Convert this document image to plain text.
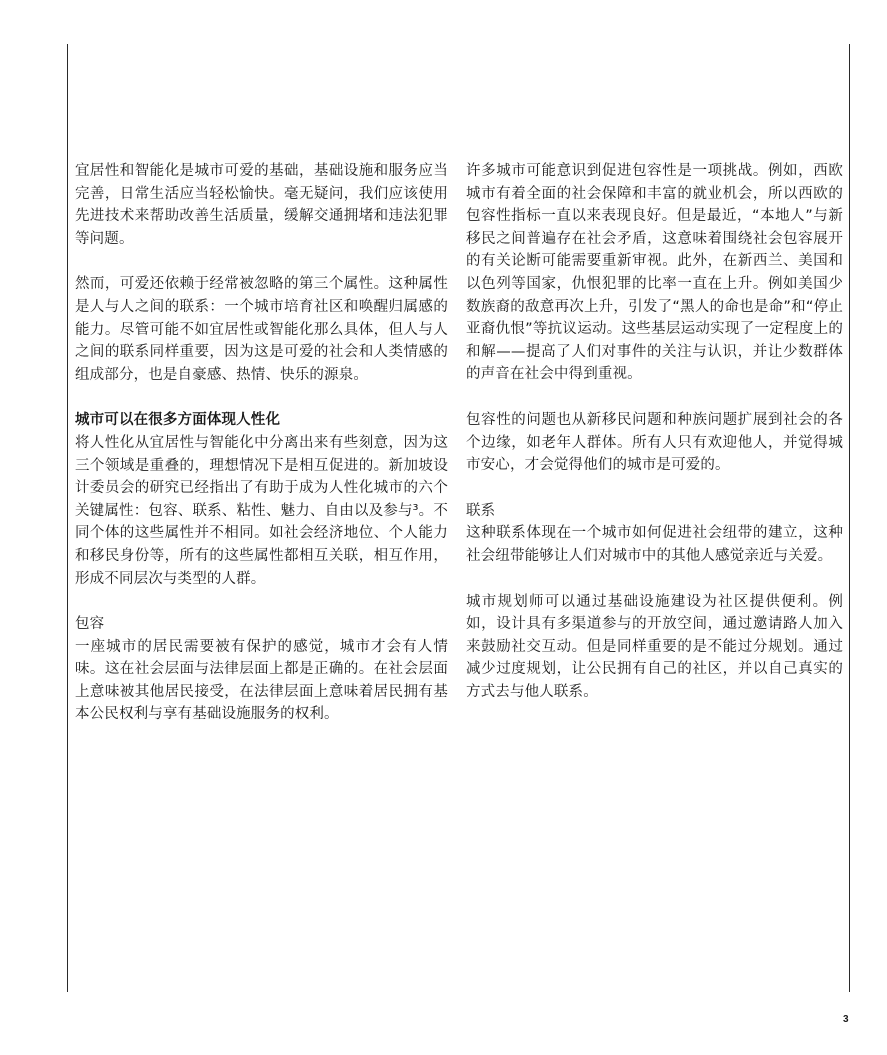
宜居性和智能化是城市可爱的基础，基础设施和服务应当完善，日常生活应当轻松愉快。毫无疑问，我们应该使用先进技术来帮助改善生活质量，缓解交通拥堵和违法犯罪等问题。

然而，可爱还依赖于经常被忽略的第三个属性。这种属性是人与人之间的联系：一个城市培育社区和唤醒归属感的能力。尽管可能不如宜居性或智能化那么具体，但人与人之间的联系同样重要，因为这是可爱的社会和人类情感的组成部分，也是自豪感、热情、快乐的源泉。

城市可以在很多方面体现人性化

将人性化从宜居性与智能化中分离出来有些刻意，因为这三个领域是重叠的，理想情况下是相互促进的。新加坡设计委员会的研究已经指出了有助于成为人性化城市的六个关键属性：包容、联系、粘性、魅力、自由以及参与³。不同个体的这些属性并不相同。如社会经济地位、个人能力和移民身份等，所有的这些属性都相互关联，相互作用，形成不同层次与类型的人群。

包容

一座城市的居民需要被有保护的感觉，城市才会有人情味。这在社会层面与法律层面上都是正确的。在社会层面上意味被其他居民接受，在法律层面上意味着居民拥有基本公民权利与享有基础设施服务的权利。

许多城市可能意识到促进包容性是一项挑战。例如，西欧城市有着全面的社会保障和丰富的就业机会，所以西欧的包容性指标一直以来表现良好。但是最近，“本地人”与新移民之间普遍存在社会矛盾，这意味着围绕社会包容展开的有关论断可能需要重新审视。此外，在新西兰、美国和以色列等国家，仇恨犯罪的比率一直在上升。例如美国少数族裔的敌意再次上升，引发了“黑人的命也是命”和“停止亚裔仇恨”等抗议运动。这些基层运动实现了一定程度上的和解——提高了人们对事件的关注与认识，并让少数群体的声音在社会中得到重视。

包容性的问题也从新移民问题和种族问题扩展到社会的各个边缘，如老年人群体。所有人只有欢迎他人，并觉得城市安心，才会觉得他们的城市是可爱的。

联系

这种联系体现在一个城市如何促进社会纽带的建立，这种社会纽带能够让人们对城市中的其他人感觉亲近与关爱。

城市规划师可以通过基础设施建设为社区提供便利。例如，设计具有多渠道参与的开放空间，通过邀请路人加入来鼓励社交互动。但是同样重要的是不能过分规划。通过减少过度规划，让公民拥有自己的社区，并以自己真实的方式去与他人联系。

3
